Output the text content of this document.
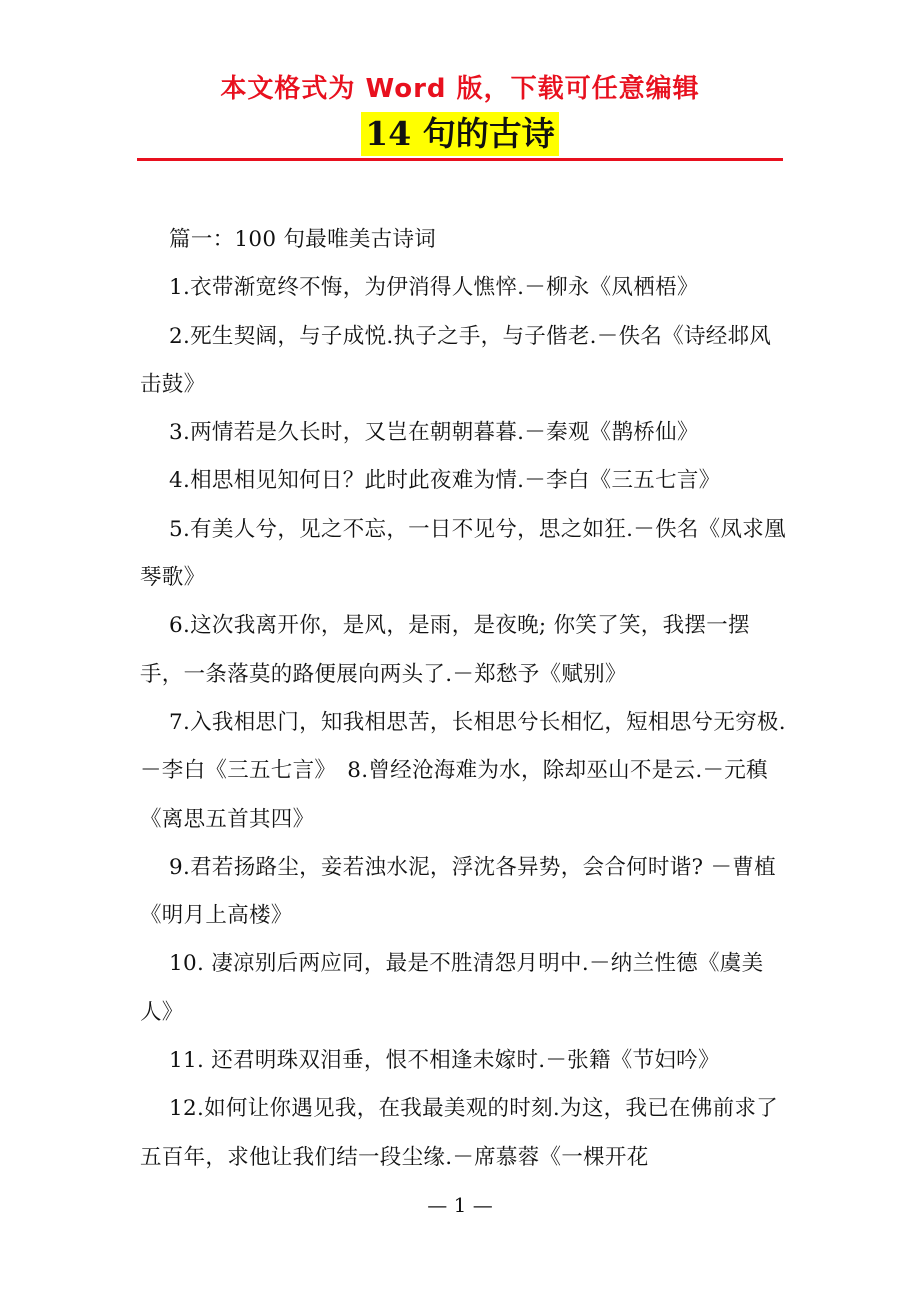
本文格式为 Word 版，下载可任意编辑
14 句的古诗

篇一：100 句最唯美古诗词

1.衣带渐宽终不悔，为伊消得人憔悴.－柳永《凤栖梧》

2.死生契阔，与子成悦.执子之手，与子偕老.－佚名《诗经邶风击鼓》

3.两情若是久长时，又岂在朝朝暮暮.－秦观《鹊桥仙》

4.相思相见知何日？此时此夜难为情.－李白《三五七言》

5.有美人兮，见之不忘，一日不见兮，思之如狂.－佚名《凤求凰琴歌》

6.这次我离开你，是风，是雨，是夜晚; 你笑了笑，我摆一摆手，一条落莫的路便展向两头了.－郑愁予《赋别》

7.入我相思门，知我相思苦，长相思兮长相忆，短相思兮无穷极.－李白《三五七言》　8.曾经沧海难为水，除却巫山不是云.－元稹《离思五首其四》

9.君若扬路尘，妾若浊水泥，浮沈各异势，会合何时谐? －曹植《明月上高楼》

10. 凄凉别后两应同，最是不胜清怨月明中.－纳兰性德《虞美人》

11. 还君明珠双泪垂，恨不相逢未嫁时.－张籍《节妇吟》

12.如何让你遇见我，在我最美观的时刻.为这，我已在佛前求了五百年，求他让我们结一段尘缘.－席慕蓉《一棵开花

— 1 —
